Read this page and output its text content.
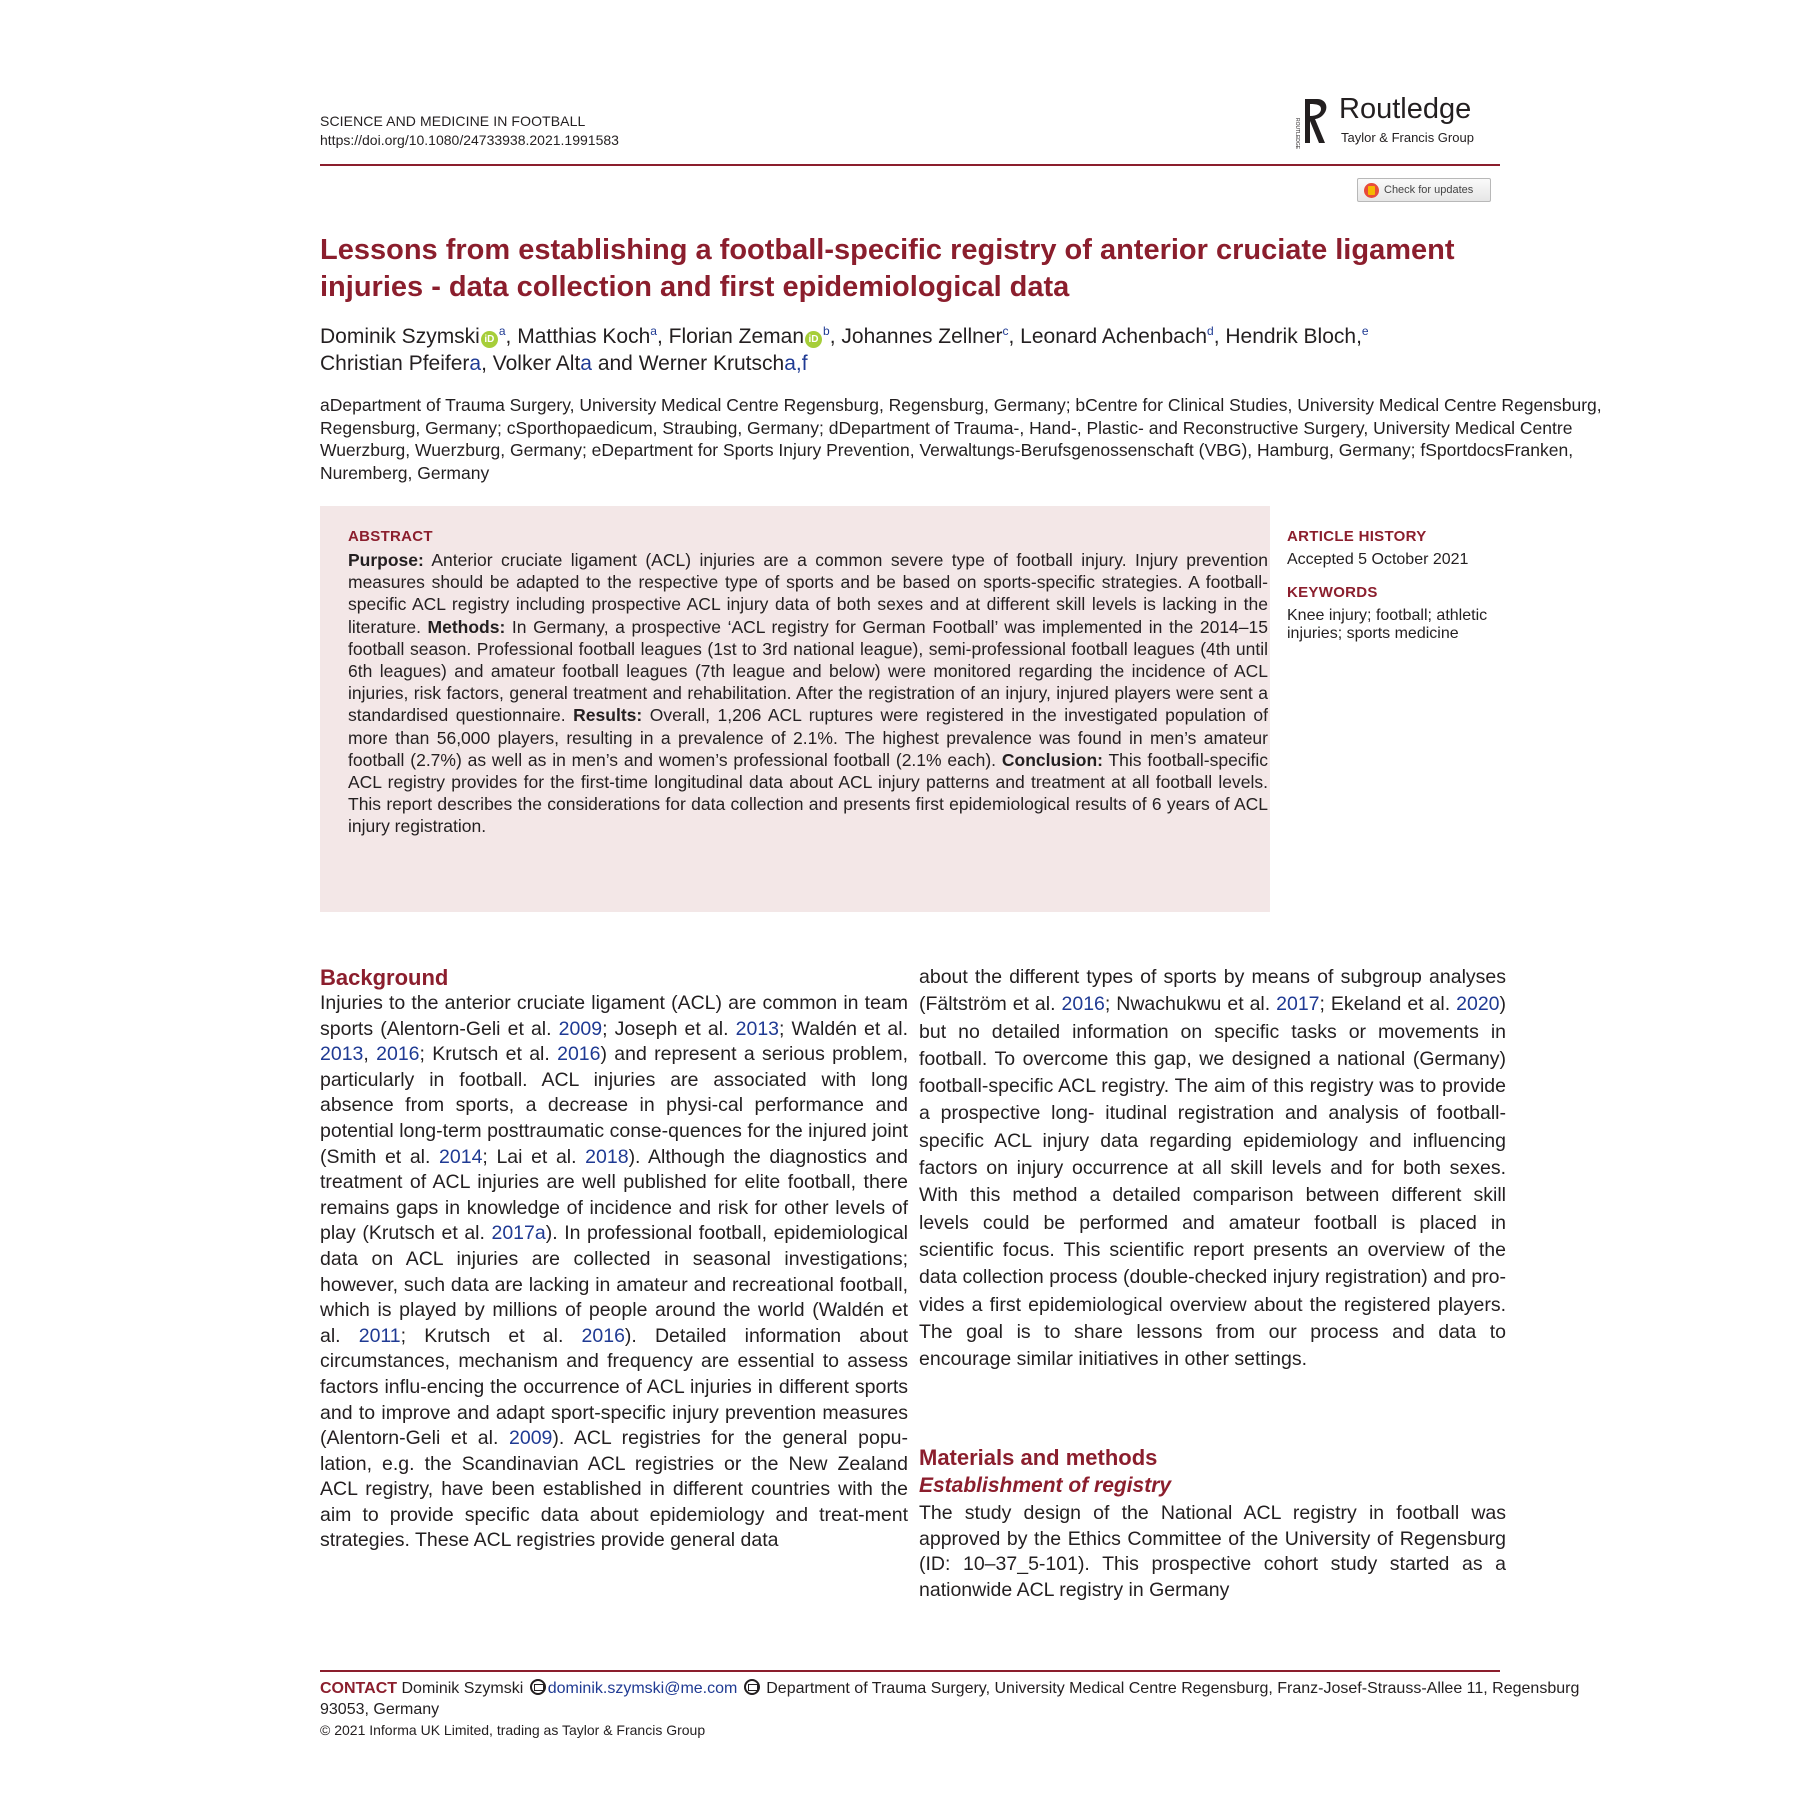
SCIENCE AND MEDICINE IN FOOTBALL
https://doi.org/10.1080/24733938.2021.1991583	ROUTLEDGE
Routledge
Taylor & Francis Group
Check for updates
Lessons from establishing a football-specific registry of anterior cruciate ligament injuries - data collection and first epidemiological data
Dominik Szymski $iD^a$, Matthias Koch$^a$, Florian Zeman $iD^b$, Johannes Zellner$^c$, Leonard Achenbach$^d$, Hendrik Bloch,$^e$
Christian Pfeifera, Volker Alta and Werner Krutscha,f
aDepartment of Trauma Surgery, University Medical Centre Regensburg, Regensburg, Germany; bCentre for Clinical Studies, University Medical Centre Regensburg, Regensburg, Germany; cSporthopaedicum, Straubing, Germany; dDepartment of Trauma-, Hand-, Plastic- and Reconstructive Surgery, University Medical Centre Wuerzburg, Wuerzburg, Germany; eDepartment for Sports Injury Prevention, Verwaltungs-Berufsgenossenschaft (VBG), Hamburg, Germany; fSportdocsFranken, Nuremberg, Germany
ABSTRACT
Purpose: Anterior cruciate ligament (ACL) injuries are a common severe type of football injury. Injury prevention measures should be adapted to the respective type of sports and be based on sports-specific strategies. A football-specific ACL registry including prospective ACL injury data of both sexes and at different skill levels is lacking in the literature. Methods: In Germany, a prospective ‘ACL registry for German Football’ was implemented in the 2014–15 football season. Professional football leagues (1st to 3rd national league), semi-professional football leagues (4th until 6th leagues) and amateur football leagues (7th league and below) were monitored regarding the incidence of ACL injuries, risk factors, general treatment and rehabilitation. After the registration of an injury, injured players were sent a standardised questionnaire. Results: Overall, 1,206 ACL ruptures were registered in the investigated population of more than 56,000 players, resulting in a prevalence of 2.1%. The highest prevalence was found in men’s amateur football (2.7%) as well as in men’s and women’s professional football (2.1% each). Conclusion: This football-specific ACL registry provides for the first-time longitudinal data about ACL injury patterns and treatment at all football levels. This report describes the considerations for data collection and presents first epidemiological results of 6 years of ACL injury registration.
ARTICLE HISTORY
Accepted 5 October 2021
KEYWORDS
Knee injury; football; athletic injuries; sports medicine
Background
Injuries to the anterior cruciate ligament (ACL) are common in team sports (Alentorn-Geli et al. 2009; Joseph et al. 2013; Waldén et al. 2013, 2016; Krutsch et al. 2016) and represent a serious problem, particularly in football. ACL injuries are associated with long absence from sports, a decrease in physi-cal performance and potential long-term posttraumatic conse-quences for the injured joint (Smith et al. 2014; Lai et al. 2018). Although the diagnostics and treatment of ACL injuries are well published for elite football, there remains gaps in knowledge of incidence and risk for other levels of play (Krutsch et al. 2017a). In professional football, epidemiological data on ACL injuries are collected in seasonal investigations; however, such data are lacking in amateur and recreational football, which is played by millions of people around the world (Waldén et al. 2011; Krutsch et al. 2016). Detailed information about circumstances, mechanism and frequency are essential to assess factors influ-encing the occurrence of ACL injuries in different sports and to improve and adapt sport-specific injury prevention measures (Alentorn-Geli et al. 2009). ACL registries for the general popu-lation, e.g. the Scandinavian ACL registries or the New Zealand ACL registry, have been established in different countries with the aim to provide specific data about epidemiology and treat-ment strategies. These ACL registries provide general data
about the different types of sports by means of subgroup analyses (Fältström et al. 2016; Nwachukwu et al. 2017; Ekeland et al. 2020) but no detailed information on specific tasks or movements in football. To overcome this gap, we designed a national (Germany) football-specific ACL registry. The aim of this registry was to provide a prospective long- itudinal registration and analysis of football-specific ACL injury data regarding epidemiology and influencing factors on injury occurrence at all skill levels and for both sexes. With this method a detailed comparison between different skill levels could be performed and amateur football is placed in scientific focus. This scientific report presents an overview of the data collection process (double-checked injury registration) and pro- vides a first epidemiological overview about the registered players. The goal is to share lessons from our process and data to encourage similar initiatives in other settings.
Materials and methods
Establishment of registry
The study design of the National ACL registry in football was approved by the Ethics Committee of the University of Regensburg (ID: 10–37_5-101). This prospective cohort study started as a nationwide ACL registry in Germany
CONTACT Dominik Szymski dominik.szymski@me.com Department of Trauma Surgery, University Medical Centre Regensburg, Franz-Josef-Strauss-Allee 11, Regensburg 93053, Germany
© 2021 Informa UK Limited, trading as Taylor & Francis Group
